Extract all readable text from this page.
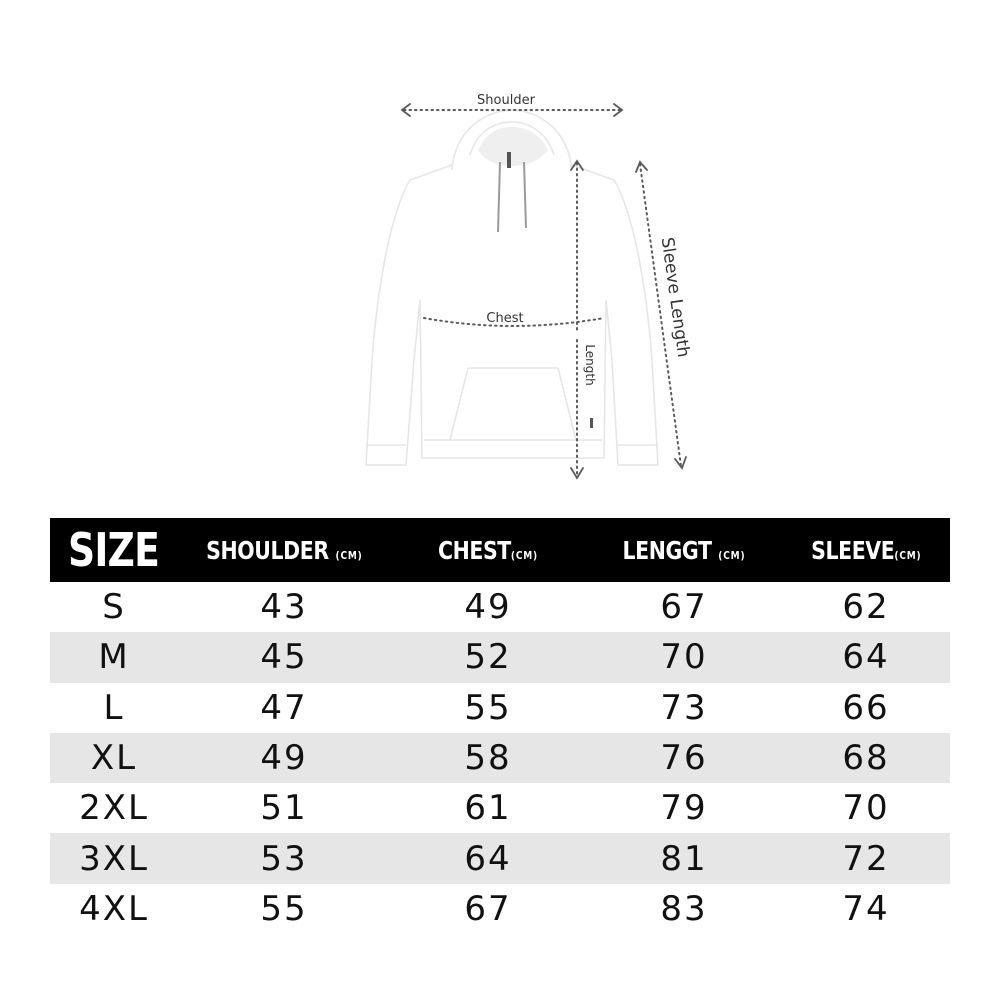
Shoulder
Chest
Length
Sleeve Length
SIZE	SHOULDER (CM)	CHEST(CM)	LENGGT (CM)	SLEEVE(CM)
S	43	49	67	62
M	45	52	70	64
L	47	55	73	66
XL	49	58	76	68
2XL	51	61	79	70
3XL	53	64	81	72
4XL	55	67	83	74
